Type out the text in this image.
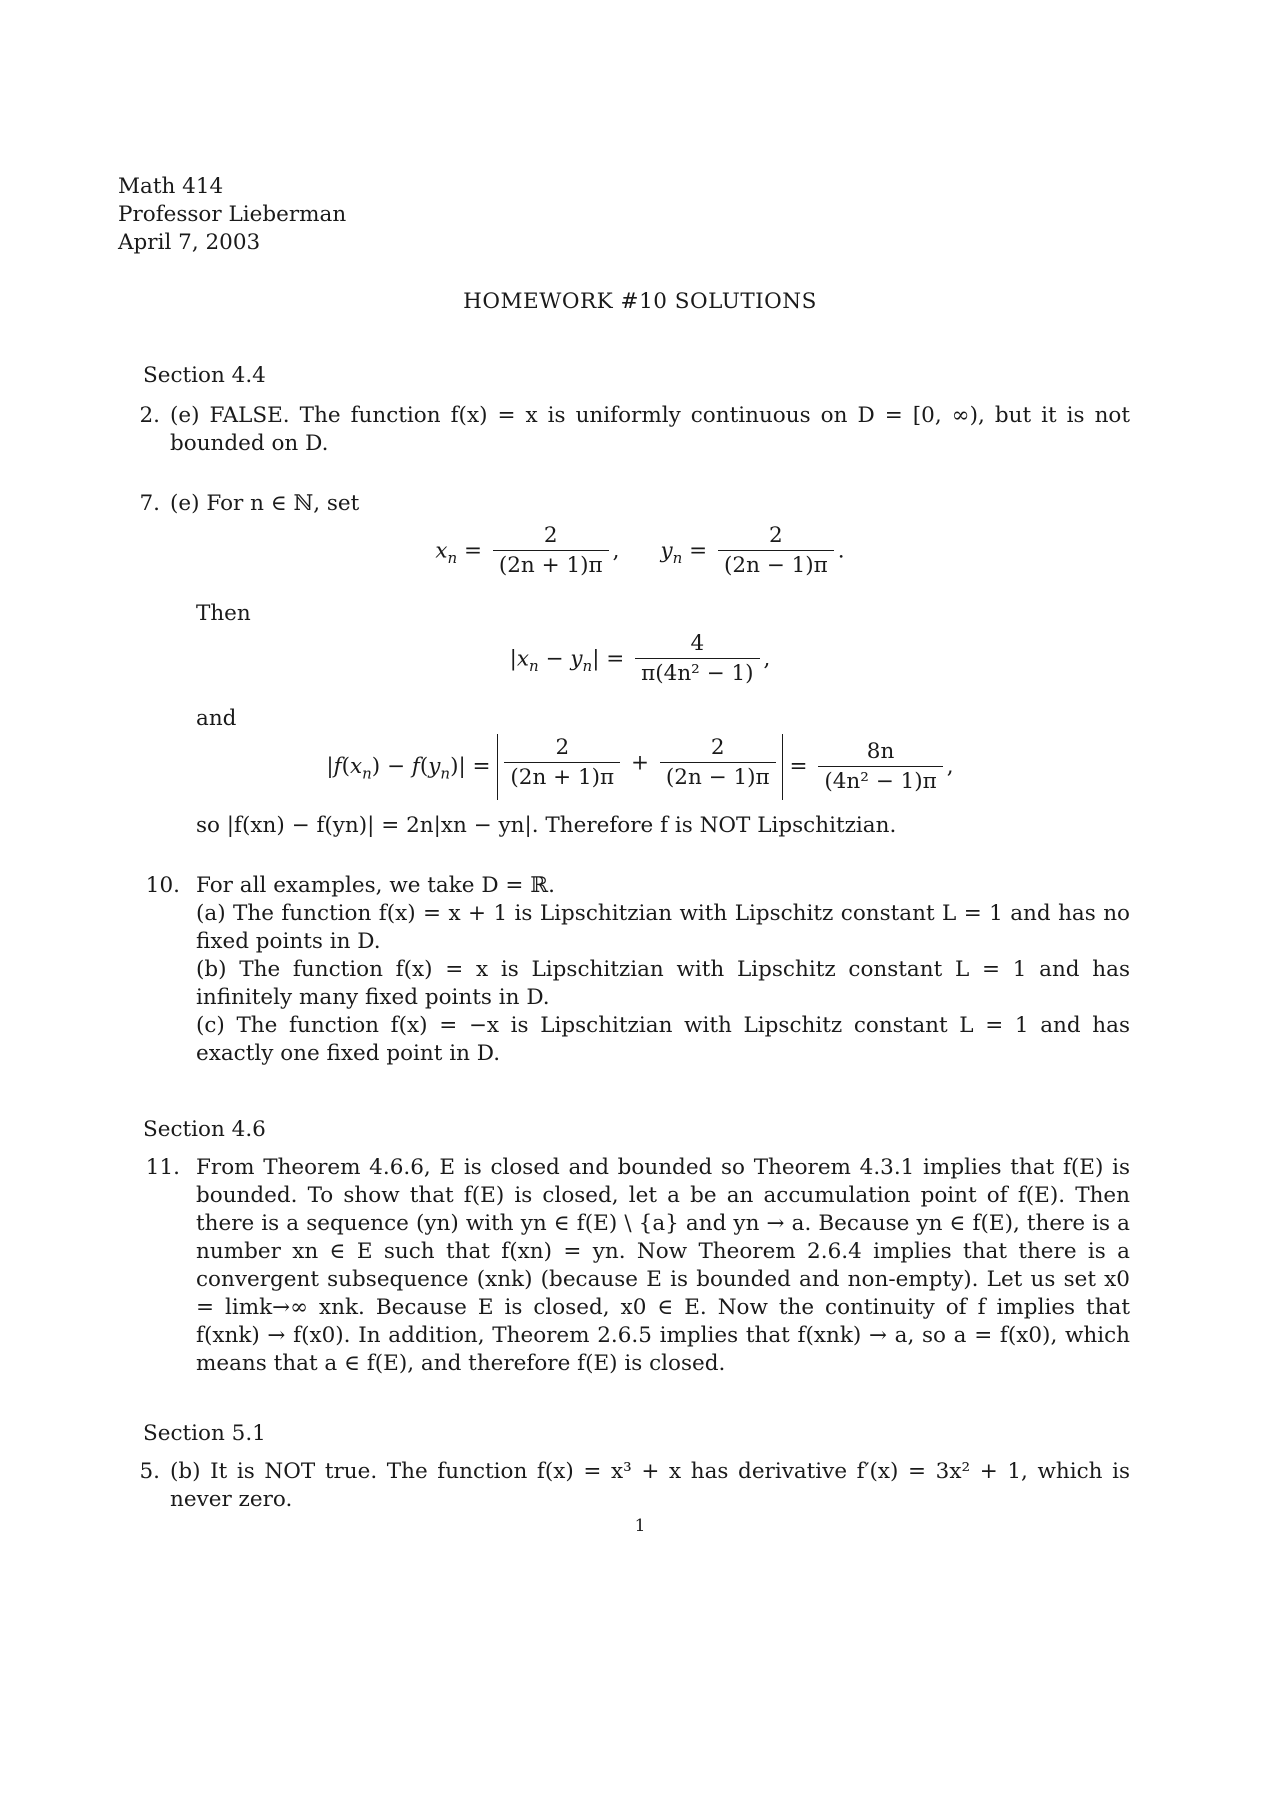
Math 414
Professor Lieberman
April 7, 2003
HOMEWORK #10 SOLUTIONS
Section 4.4
2. (e) FALSE. The function f(x) = x is uniformly continuous on D = [0, ∞), but it is not bounded on D.
7. (e) For n ∈ ℕ, set
$x_n = \frac{2}{(2n + 1)\pi}$ ,      $y_n = \frac{2}{(2n - 1)\pi}$ .
Then
$|x_n - y_n| = \frac{4}{\text{π(4n² − 1)}}$ ,
and
$|f(x_n) - f(y_n)| = \frac{2}{(2n + 1)\pi} + \frac{2}{(2n - 1)\pi} = \frac{8n}{\text{(4n² − 1)π}}$ ,
so |f(xn) − f(yn)| = 2n|xn − yn|. Therefore f is NOT Lipschitzian.
10. For all examples, we take D = ℝ.
(a) The function f(x) = x + 1 is Lipschitzian with Lipschitz constant L = 1 and has no fixed points in D.
(b) The function f(x) = x is Lipschitzian with Lipschitz constant L = 1 and has infinitely many fixed points in D.
(c) The function f(x) = −x is Lipschitzian with Lipschitz constant L = 1 and has exactly one fixed point in D.
Section 4.6
11. From Theorem 4.6.6, E is closed and bounded so Theorem 4.3.1 implies that f(E) is bounded. To show that f(E) is closed, let a be an accumulation point of f(E). Then there is a sequence (yn) with yn ∈ f(E) \ {a} and yn → a. Because yn ∈ f(E), there is a number xn ∈ E such that f(xn) = yn. Now Theorem 2.6.4 implies that there is a convergent subsequence (xnk) (because E is bounded and non-empty). Let us set x0 = limk→∞ xnk. Because E is closed, x0 ∈ E. Now the continuity of f implies that f(xnk) → f(x0). In addition, Theorem 2.6.5 implies that f(xnk) → a, so a = f(x0), which means that a ∈ f(E), and therefore f(E) is closed.
Section 5.1
5. (b) It is NOT true. The function f(x) = x³ + x has derivative f′(x) = 3x² + 1, which is never zero.
1
